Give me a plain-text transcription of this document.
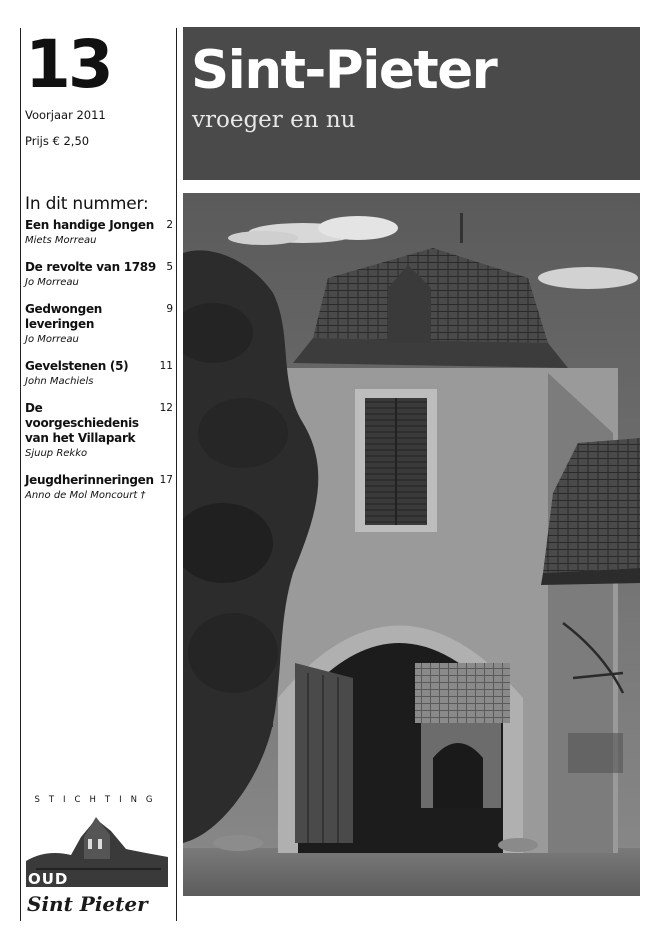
13
Voorjaar 2011
Prijs € 2,50
In dit nummer:
Een handige Jongen
Miets Morreau
2
De revolte van 1789
Jo Morreau
5
Gedwongen leveringen
Jo Morreau
9
Gevelstenen (5)
John Machiels
11
De voorgeschiedenis van het Villapark
Sjuup Rekko
12
Jeugdherinneringen
Anno de Mol Moncourt †
17
Sint-Pieter
vroeger en nu
STICHTING
OUD
Sint Pieter
